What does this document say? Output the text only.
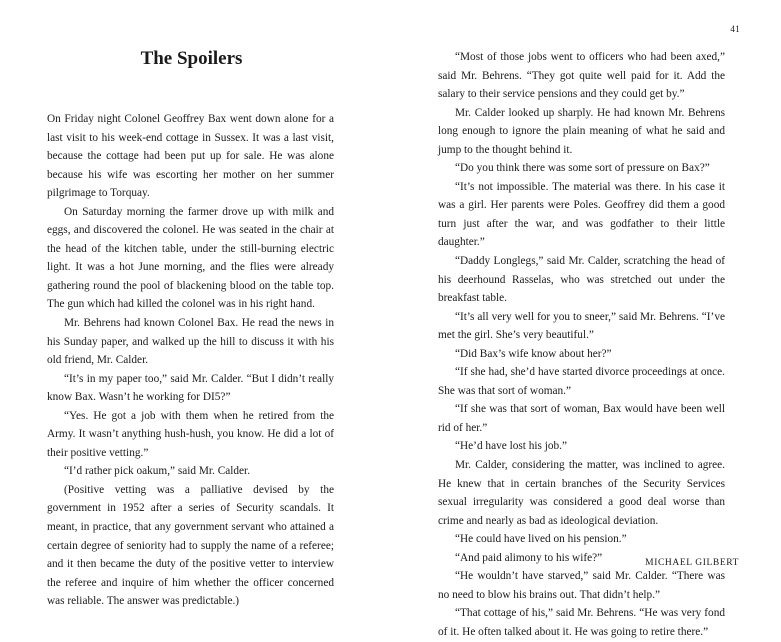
The Spoilers

On Friday night Colonel Geoffrey Bax went down alone for a last visit to his week-end cottage in Sussex. It was a last visit, because the cottage had been put up for sale. He was alone because his wife was escorting her mother on her summer pilgrimage to Torquay.

On Saturday morning the farmer drove up with milk and eggs, and discovered the colonel. He was seated in the chair at the head of the kitchen table, under the still-burning electric light. It was a hot June morning, and the flies were already gathering round the pool of blackening blood on the table top. The gun which had killed the colonel was in his right hand.

Mr. Behrens had known Colonel Bax. He read the news in his Sunday paper, and walked up the hill to discuss it with his old friend, Mr. Calder.

“It’s in my paper too,” said Mr. Calder. “But I didn’t really know Bax. Wasn’t he working for DI5?”

“Yes. He got a job with them when he retired from the Army. It wasn’t anything hush-hush, you know. He did a lot of their positive vetting.”

“I’d rather pick oakum,” said Mr. Calder.

(Positive vetting was a palliative devised by the government in 1952 after a series of Security scandals. It meant, in practice, that any government servant who attained a certain degree of seniority had to supply the name of a referee; and it then became the duty of the positive vetter to interview the referee and inquire of him whether the officer concerned was reliable. The answer was predictable.)

41

“Most of those jobs went to officers who had been axed,” said Mr. Behrens. “They got quite well paid for it. Add the salary to their service pensions and they could get by.”

Mr. Calder looked up sharply. He had known Mr. Behrens long enough to ignore the plain meaning of what he said and jump to the thought behind it.

“Do you think there was some sort of pressure on Bax?”

“It’s not impossible. The material was there. In his case it was a girl. Her parents were Poles. Geoffrey did them a good turn just after the war, and was godfather to their little daughter.”

“Daddy Longlegs,” said Mr. Calder, scratching the head of his deerhound Rasselas, who was stretched out under the breakfast table.

“It’s all very well for you to sneer,” said Mr. Behrens. “I’ve met the girl. She’s very beautiful.”

“Did Bax’s wife know about her?”

“If she had, she’d have started divorce proceedings at once. She was that sort of woman.”

“If she was that sort of woman, Bax would have been well rid of her.”

“He’d have lost his job.”

Mr. Calder, considering the matter, was inclined to agree. He knew that in certain branches of the Security Services sexual irregularity was considered a good deal worse than crime and nearly as bad as ideological deviation.

“He could have lived on his pension.”

“And paid alimony to his wife?”

“He wouldn’t have starved,” said Mr. Calder. “There was no need to blow his brains out. That didn’t help.”

“That cottage of his,” said Mr. Behrens. “He was very fond of it. He often talked about it. He was going to retire there.”

MICHAEL GILBERT
